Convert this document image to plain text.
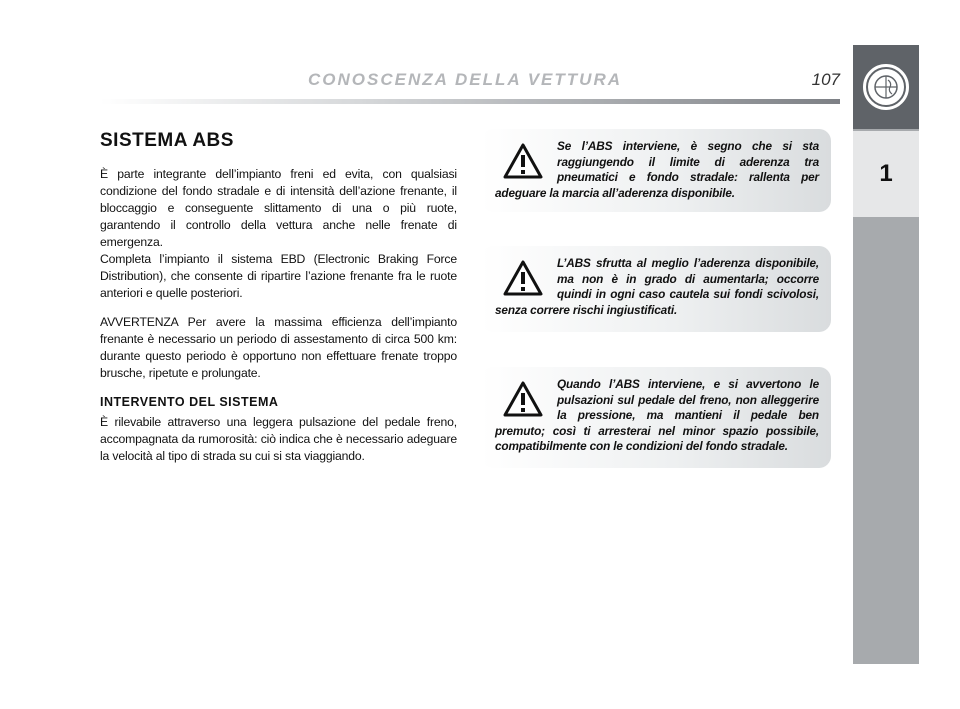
CONOSCENZA DELLA VETTURA	107
1
SISTEMA ABS

È parte integrante dell’impianto freni ed evita, con qualsiasi condizione del fondo stradale e di intensità dell’azione frenante, il bloccaggio e conseguente slittamento di una o più ruote, garantendo il controllo della vettura anche nelle frenate di emergenza.

Completa l’impianto il sistema EBD (Electronic Braking Force Distribution), che consente di ripartire l’azione frenante fra le ruote anteriori e quelle posteriori.

AVVERTENZA Per avere la massima efficienza dell’impianto frenante è necessario un periodo di assestamento di circa 500 km: durante questo periodo è opportuno non effettuare frenate troppo brusche, ripetute e prolungate.

INTERVENTO DEL SISTEMA

È rilevabile attraverso una leggera pulsazione del pedale freno, accompagnata da rumorosità: ciò indica che è necessario adeguare la velocità al tipo di strada su cui si sta viaggiando.

Se l’ABS interviene, è segno che si sta raggiungendo il limite di aderenza tra pneumatici e fondo stradale: rallenta per adeguare la marcia all’aderenza disponibile.

L’ABS sfrutta al meglio l’aderenza disponibile, ma non è in grado di aumentarla; occorre quindi in ogni caso cautela sui fondi scivolosi, senza correre rischi ingiustificati.

Quando l’ABS interviene, e si avvertono le pulsazioni sul pedale del freno, non alleggerire la pressione, ma mantieni il pedale ben premuto; così ti arresterai nel minor spazio possibile, compatibilmente con le condizioni del fondo stradale.
